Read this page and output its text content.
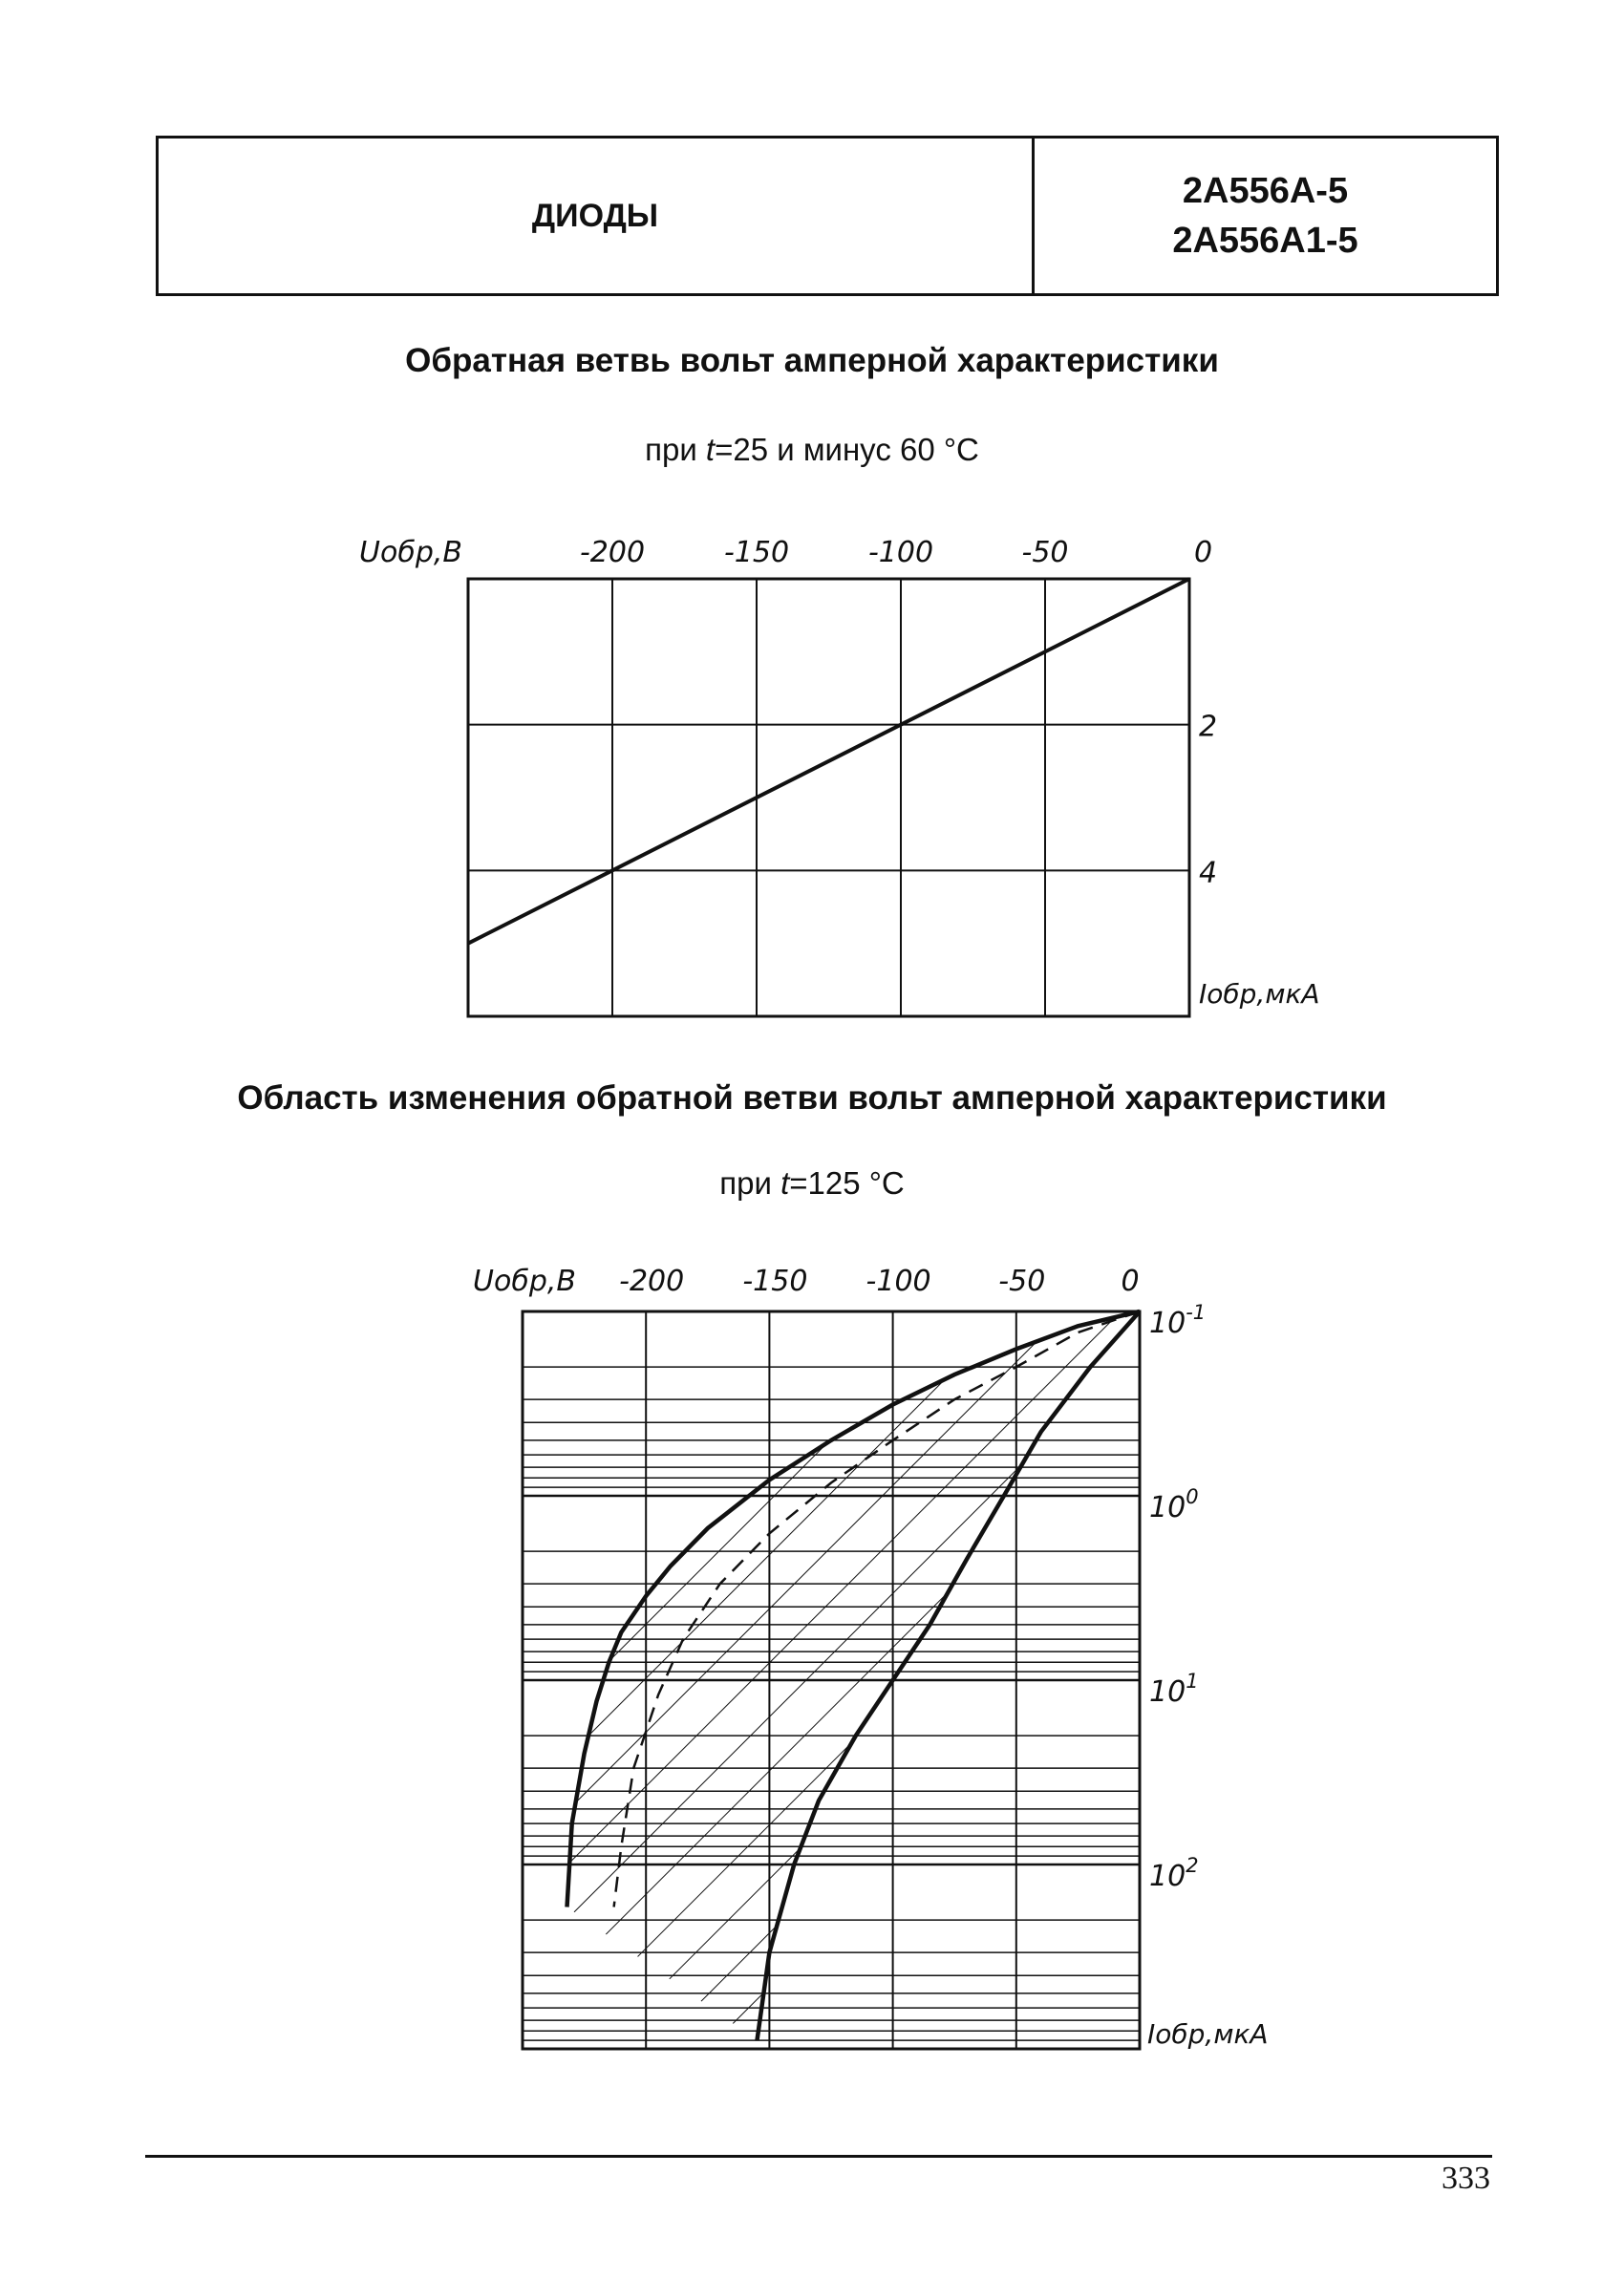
ДИОДЫ
2А556А-5
2А556А1-5
Обратная ветвь вольт амперной характеристики
при t=25 и минус 60 °С
Область изменения обратной ветви вольт амперной характеристики
при t=125 °С
-200	-150	-100	-50	0
Uобр,В
2
4
Iобр,мкА
-200 -150 -100 -50	0
Uобр,В
$10^{-1}$
$10^0$
$10^1$
$10^2$
Iобр,мкА
333
